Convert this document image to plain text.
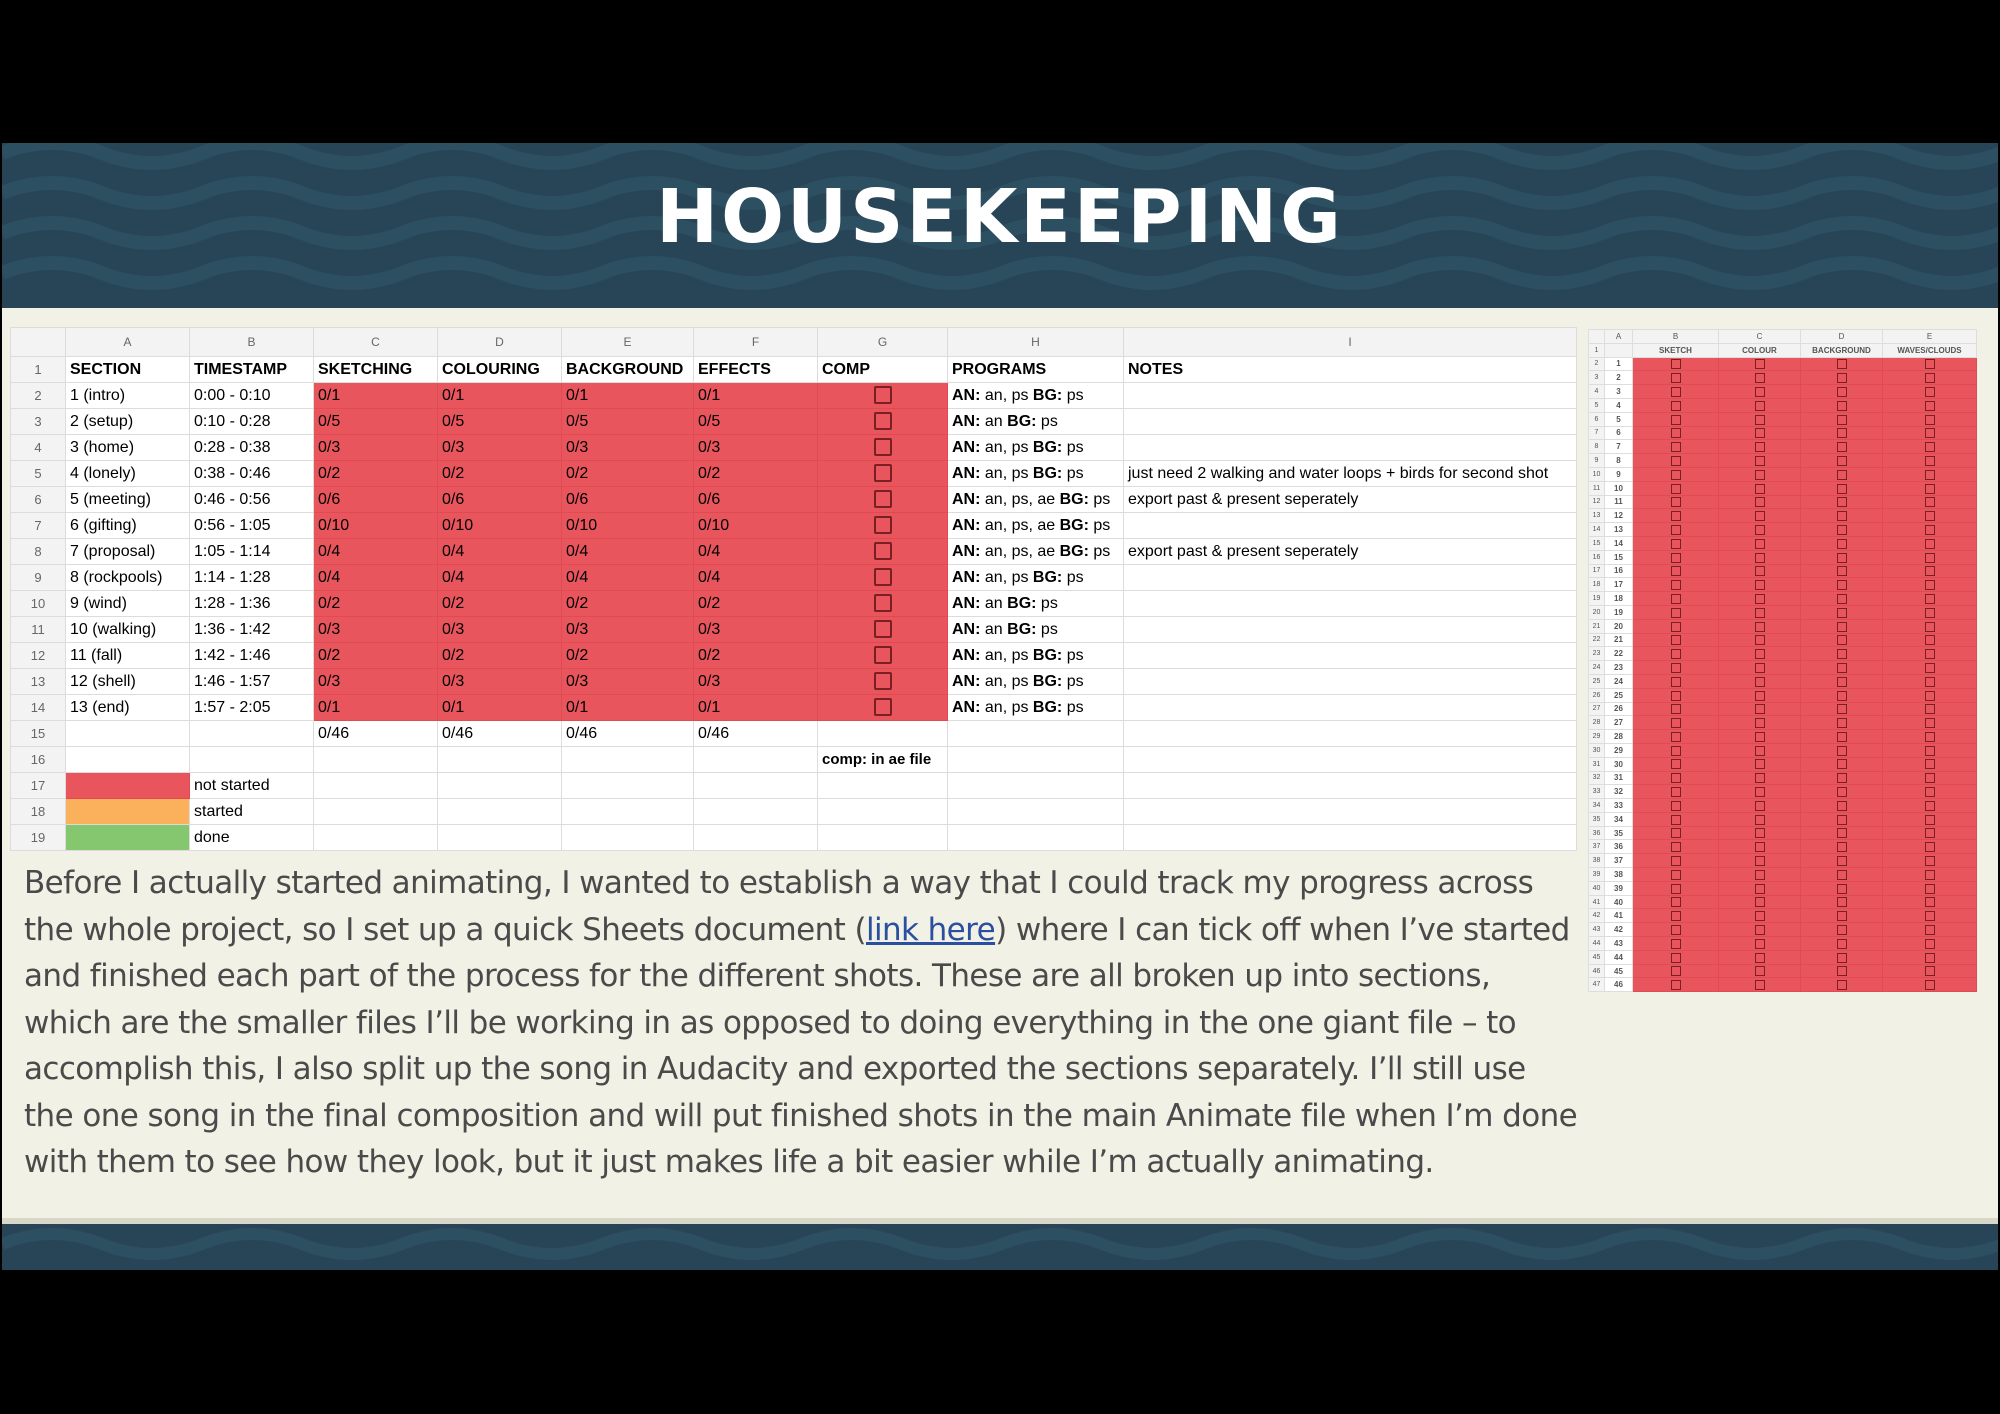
HOUSEKEEPING
	A	B	C	D	E	F	G	H	I
1	SECTION	TIMESTAMP	SKETCHING	COLOURING	BACKGROUND	EFFECTS	COMP	PROGRAMS	NOTES
2	1 (intro)	0:00 - 0:10	0/1	0/1	0/1	0/1		AN: an, ps BG: ps	
3	2 (setup)	0:10 - 0:28	0/5	0/5	0/5	0/5		AN: an BG: ps	
4	3 (home)	0:28 - 0:38	0/3	0/3	0/3	0/3		AN: an, ps BG: ps	
5	4 (lonely)	0:38 - 0:46	0/2	0/2	0/2	0/2		AN: an, ps BG: ps	just need 2 walking and water loops + birds for second shot
6	5 (meeting)	0:46 - 0:56	0/6	0/6	0/6	0/6		AN: an, ps, ae BG: ps	export past & present seperately
7	6 (gifting)	0:56 - 1:05	0/10	0/10	0/10	0/10		AN: an, ps, ae BG: ps	
8	7 (proposal)	1:05 - 1:14	0/4	0/4	0/4	0/4		AN: an, ps, ae BG: ps	export past & present seperately
9	8 (rockpools)	1:14 - 1:28	0/4	0/4	0/4	0/4		AN: an, ps BG: ps	
10	9 (wind)	1:28 - 1:36	0/2	0/2	0/2	0/2		AN: an BG: ps	
11	10 (walking)	1:36 - 1:42	0/3	0/3	0/3	0/3		AN: an BG: ps	
12	11 (fall)	1:42 - 1:46	0/2	0/2	0/2	0/2		AN: an, ps BG: ps	
13	12 (shell)	1:46 - 1:57	0/3	0/3	0/3	0/3		AN: an, ps BG: ps	
14	13 (end)	1:57 - 2:05	0/1	0/1	0/1	0/1		AN: an, ps BG: ps	
15			0/46	0/46	0/46	0/46			
16							comp: in ae file		
17		not started							
18		started							
19		done							
	A	B	C	D	E
1		SKETCH	COLOUR	BACKGROUND	WAVES/CLOUDS
2	1				
3	2				
4	3				
5	4				
6	5				
7	6				
8	7				
9	8				
10	9				
11	10				
12	11				
13	12				
14	13				
15	14				
16	15				
17	16				
18	17				
19	18				
20	19				
21	20				
22	21				
23	22				
24	23				
25	24				
26	25				
27	26				
28	27				
29	28				
30	29				
31	30				
32	31				
33	32				
34	33				
35	34				
36	35				
37	36				
38	37				
39	38				
40	39				
41	40				
42	41				
43	42				
44	43				
45	44				
46	45				
47	46				
Before I actually started animating, I wanted to establish a way that I could track my progress across the whole project, so I set up a quick Sheets document (link here) where I can tick off when I’ve started and finished each part of the process for the different shots. These are all broken up into sections, which are the smaller files I’ll be working in as opposed to doing everything in the one giant file – to accomplish this, I also split up the song in Audacity and exported the sections separately. I’ll still use the one song in the final composition and will put finished shots in the main Animate file when I’m done with them to see how they look, but it just makes life a bit easier while I’m actually animating.
